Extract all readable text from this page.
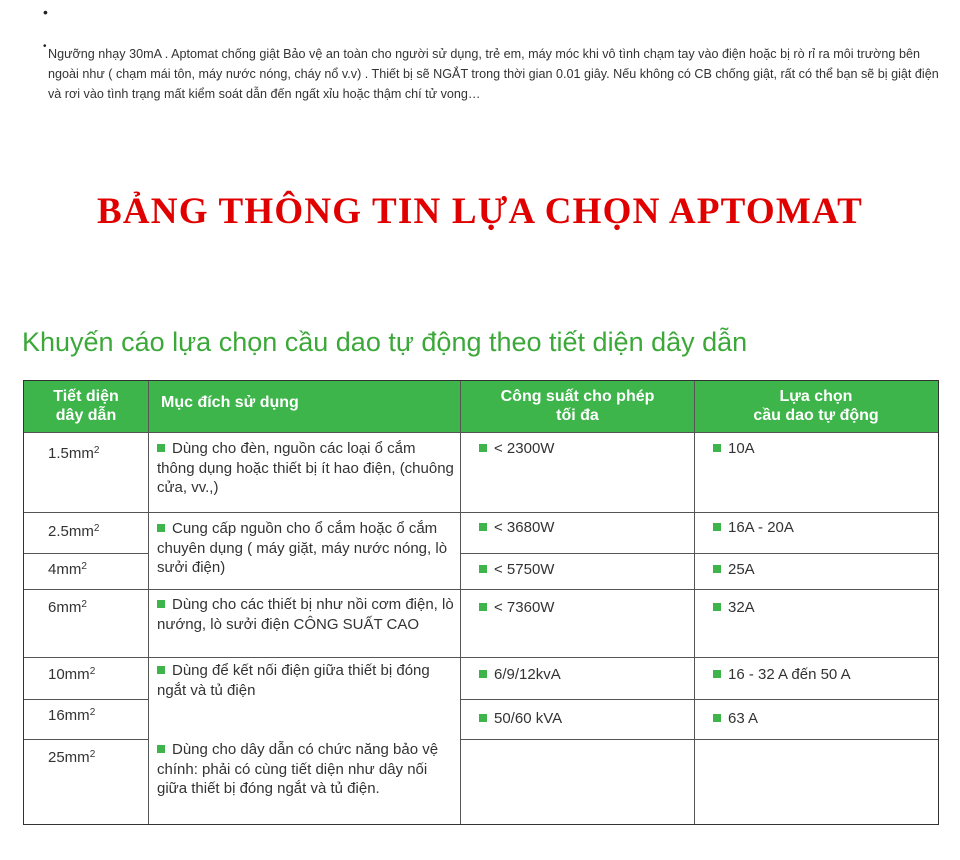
•
•
Ngưỡng nhạy 30mA . Aptomat chống giật Bảo vệ an toàn cho người sử dụng, trẻ em, máy móc khi vô tình chạm tay vào điện hoặc bị rò rỉ ra môi trường bên ngoài như ( chạm mái tôn, máy nước nóng, cháy nổ v.v) . Thiết bị sẽ NGẮT trong thời gian 0.01 giây. Nếu không có CB chống giật, rất có thể bạn sẽ bị giật điện và rơi vào tình trạng mất kiểm soát dẫn đến ngất xỉu hoặc thậm chí tử vong…
BẢNG THÔNG TIN LỰA CHỌN APTOMAT
Khuyến cáo lựa chọn cầu dao tự động theo tiết diện dây dẫn
Tiết diện
dây dẫn
Mục đích sử dụng	Công suất cho phép
tối đa
Lựa chọn
cầu dao tự động
$1.5mm^2$
$2.5mm^2$
$4mm^2$
$6mm^2$
$10mm^2$
$16mm^2$
$25mm^2$
Dùng cho đèn, nguồn các loại ổ cắm thông dụng hoặc thiết bị ít hao điện, (chuông cửa, vv.,)
Cung cấp nguồn cho ổ cắm hoặc ổ cắm chuyên dụng ( máy giặt, máy nước nóng, lò sưởi điện)
Dùng cho các thiết bị như nồi cơm điện, lò nướng, lò sưởi điện CÔNG SUẤT CAO
Dùng để kết nối điện giữa thiết bị đóng ngắt và tủ điện
Dùng cho dây dẫn có chức năng bảo vệ chính: phải có cùng tiết diện như dây nối giữa thiết bị đóng ngắt và tủ điện.
< 2300W
< 3680W
< 5750W
< 7360W
6/9/12kvA
50/60 kVA
10A
16A - 20A
25A
32A
16 - 32 A đến 50 A
63 A
